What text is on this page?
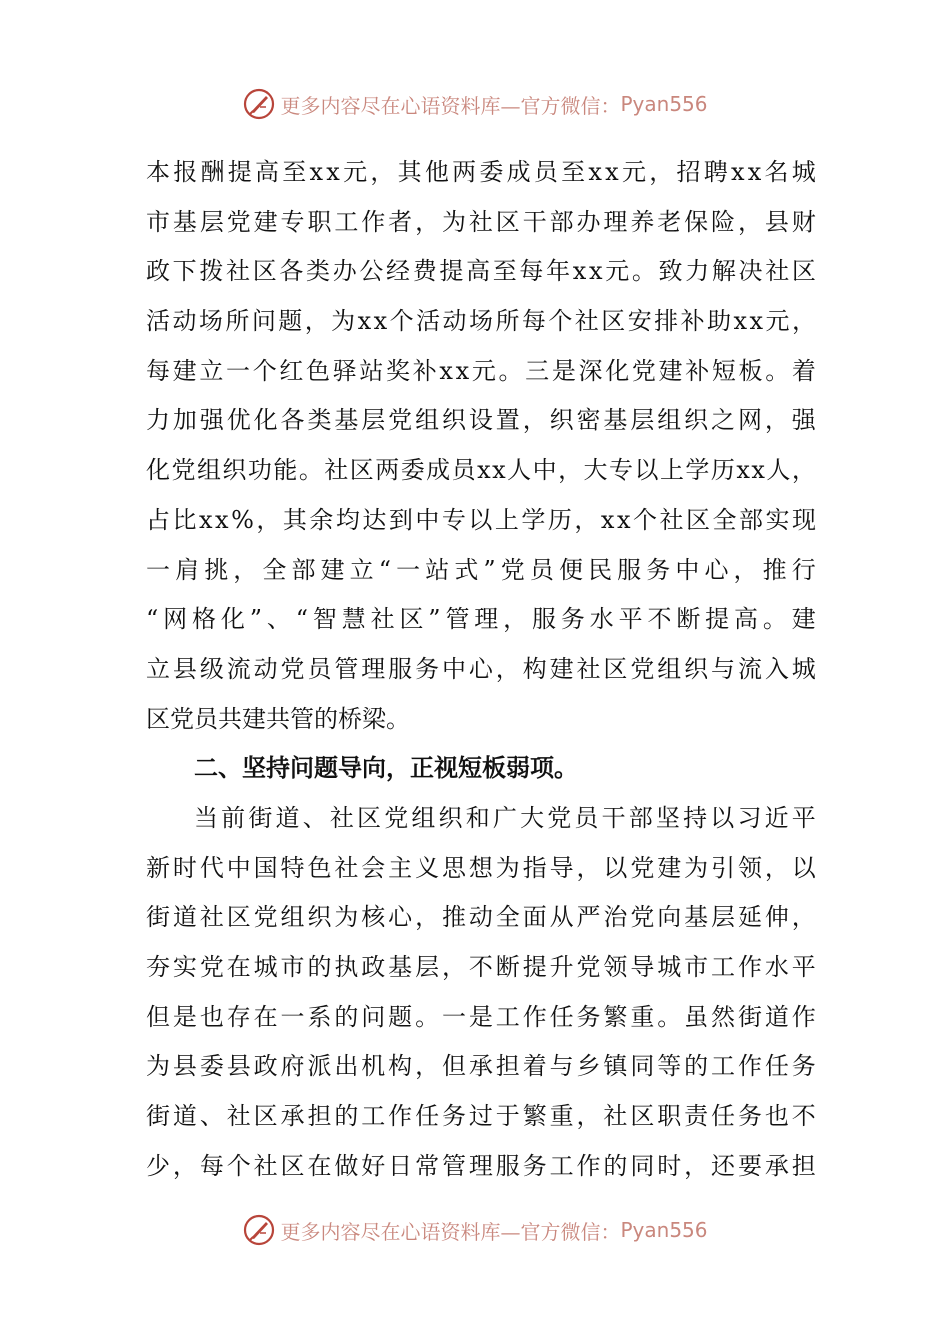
更多内容尽在心语资料库—官方微信： Pyan556
本 报 酬 提 高 至 x x 元 ， 其 他 两 委 成 员 至 x x 元 ， 招 聘 x x 名 城
市 基 层 党 建 专 职 工 作 者 ， 为 社 区 干 部 办 理 养 老 保 险 ， 县 财
政 下 拨 社 区 各 类 办 公 经 费 提 高 至 每 年 x x 元 。 致 力 解 决 社 区
活 动 场 所 问 题 ， 为 x x 个 活 动 场 所 每 个 社 区 安 排 补 助 x x 元 ，
每 建 立 一 个 红 色 驿 站 奖 补 x x 元 。 三 是 深 化 党 建 补 短 板 。 着
力 加 强 优 化 各 类 基 层 党 组 织 设 置 ， 织 密 基 层 组 织 之 网 ， 强
化 党 组 织 功 能 。 社 区 两 委 成 员 x x 人 中 ， 大 专 以 上 学 历 x x 人 ，
占 比 x x % ， 其 余 均 达 到 中 专 以 上 学 历 ， x x 个 社 区 全 部 实 现
一 肩 挑 ， 全 部 建 立 “ 一 站 式 ” 党 员 便 民 服 务 中 心 ， 推 行
“ 网 格 化 ” 、 “ 智 慧 社 区 ” 管 理 ， 服 务 水 平 不 断 提 高 。 建
立 县 级 流 动 党 员 管 理 服 务 中 心 ， 构 建 社 区 党 组 织 与 流 入 城
区党员共建共管的桥梁。
二、坚持问题导向，正视短板弱项。
当 前 街 道 、 社 区 党 组 织 和 广 大 党 员 干 部 坚 持 以 习 近 平
新 时 代 中 国 特 色 社 会 主 义 思 想 为 指 导 ， 以 党 建 为 引 领 ， 以
街 道 社 区 党 组 织 为 核 心 ， 推 动 全 面 从 严 治 党 向 基 层 延 伸 ，
夯 实 党 在 城 市 的 执 政 基 层 ， 不 断 提 升 党 领 导 城 市 工 作 水 平
但 是 也 存 在 一 系 的 问 题 。 一 是 工 作 任 务 繁 重 。 虽 然 街 道 作
为 县 委 县 政 府 派 出 机 构 ， 但 承 担 着 与 乡 镇 同 等 的 工 作 任 务
街 道 、 社 区 承 担 的 工 作 任 务 过 于 繁 重 ， 社 区 职 责 任 务 也 不
少 ， 每 个 社 区 在 做 好 日 常 管 理 服 务 工 作 的 同 时 ， 还 要 承 担
更多内容尽在心语资料库—官方微信： Pyan556
